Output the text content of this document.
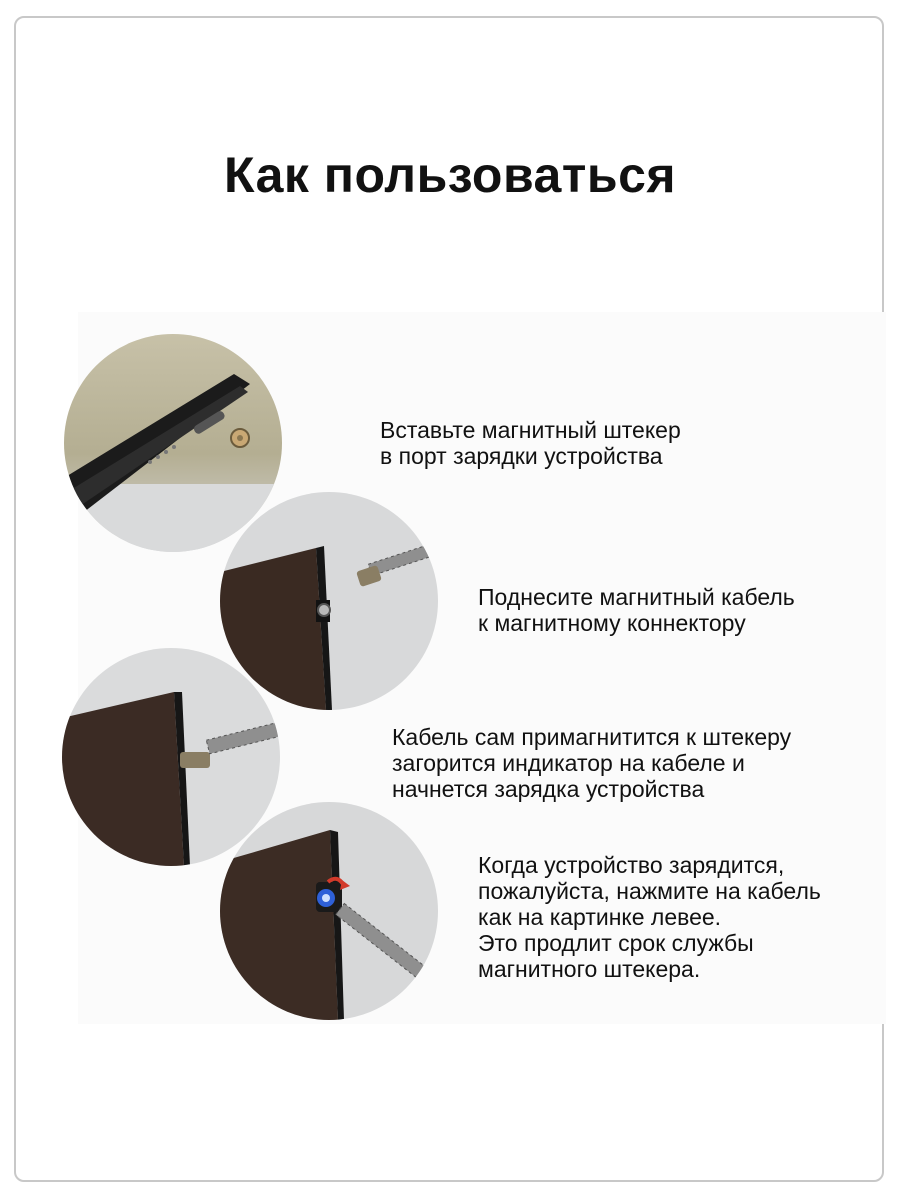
Как пользоваться
Вставьте магнитный штекер
в порт зарядки устройства
Поднесите магнитный кабель
к магнитному коннектору
Кабель сам примагнитится к штекеру
загорится индикатор на кабеле и
начнется зарядка устройства
Когда устройство зарядится,
пожалуйста, нажмите на кабель
как на картинке левее.
Это продлит срок службы
магнитного штекера.
